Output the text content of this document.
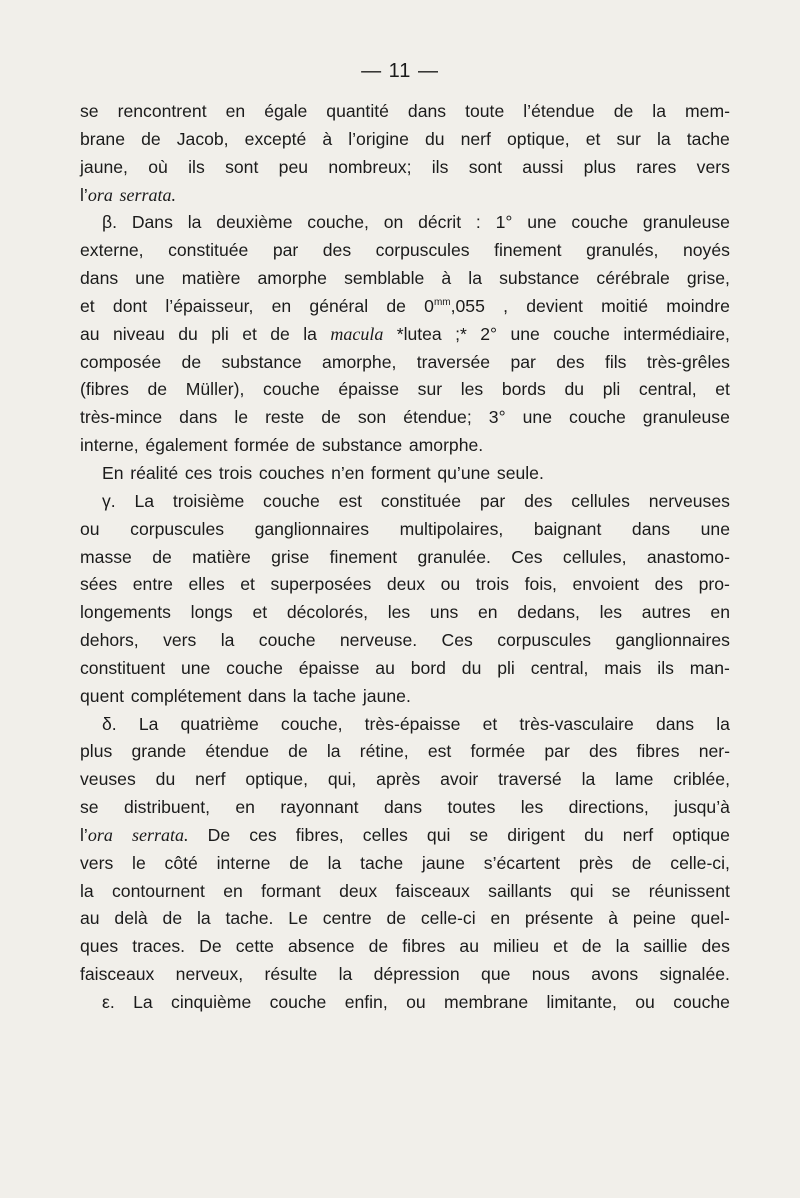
— 11 —
se rencontrent en égale quantité dans toute l’étendue de la mem-
brane de Jacob, excepté à l’origine du nerf optique, et sur la tache
jaune, où ils sont peu nombreux; ils sont aussi plus rares vers
l’ora serrata.
β. Dans la deuxième couche, on décrit : 1° une couche granuleuse
externe, constituée par des corpuscules finement granulés, noyés
dans une matière amorphe semblable à la substance cérébrale grise,
et dont l’épaisseur, en général de $0^{mm},055$ , devient moitié moindre
au niveau du pli et de la macula *lutea ;* 2° une couche intermédiaire,
composée de substance amorphe, traversée par des fils très-grêles
(fibres de Müller), couche épaisse sur les bords du pli central, et
très-mince dans le reste de son étendue; 3° une couche granuleuse
interne, également formée de substance amorphe.
En réalité ces trois couches n’en forment qu’une seule.
γ. La troisième couche est constituée par des cellules nerveuses
ou corpuscules ganglionnaires multipolaires, baignant dans une
masse de matière grise finement granulée. Ces cellules, anastomo-
sées entre elles et superposées deux ou trois fois, envoient des pro-
longements longs et décolorés, les uns en dedans, les autres en
dehors, vers la couche nerveuse. Ces corpuscules ganglionnaires
constituent une couche épaisse au bord du pli central, mais ils man-
quent complétement dans la tache jaune.
δ. La quatrième couche, très-épaisse et très-vasculaire dans la
plus grande étendue de la rétine, est formée par des fibres ner-
veuses du nerf optique, qui, après avoir traversé la lame criblée,
se distribuent, en rayonnant dans toutes les directions, jusqu’à
l’ora serrata. De ces fibres, celles qui se dirigent du nerf optique
vers le côté interne de la tache jaune s’écartent près de celle-ci,
la contournent en formant deux faisceaux saillants qui se réunissent
au delà de la tache. Le centre de celle-ci en présente à peine quel-
ques traces. De cette absence de fibres au milieu et de la saillie des
faisceaux nerveux, résulte la dépression que nous avons signalée.
ε. La cinquième couche enfin, ou membrane limitante, ou couche
